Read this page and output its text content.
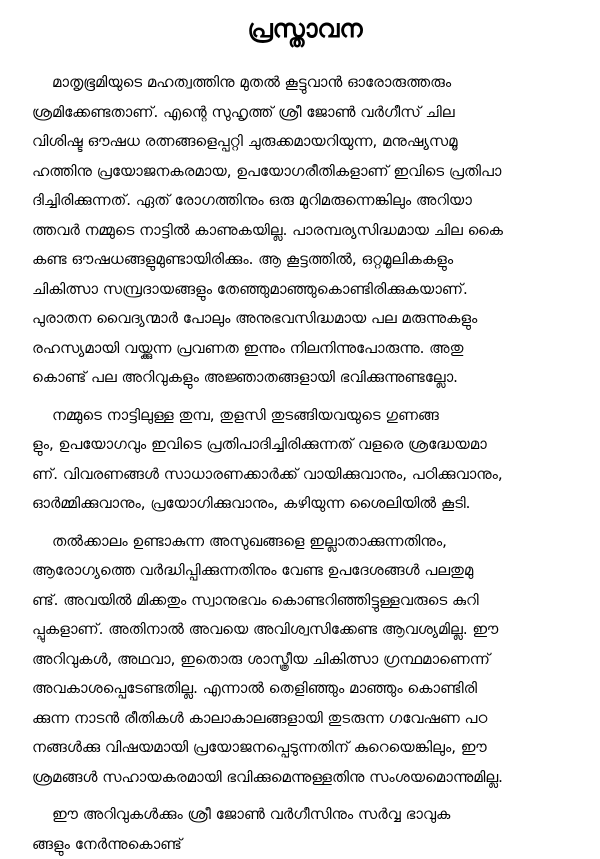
പ്രസ്താവന
മാതൃഭൂമിയുടെ മഹത്വത്തിനു മുതൽ കൂട്ടുവാൻ ഓരോരുത്തരും
ശ്രമിക്കേണ്ടതാണ്. എന്റെ സുഹൃത്ത് ശ്രീ ജോൺ വർഗീസ് ചില
വിശിഷ്ട ഔഷധ രത്നങ്ങളെപ്പറ്റി ചുരുക്കമായറിയുന്ന, മനുഷ്യസമൂ
ഹത്തിനു പ്രയോജനകരമായ, ഉപയോഗരീതികളാണ് ഇവിടെ പ്രതിപാ
ദിച്ചിരിക്കുന്നത്. ഏത് രോഗത്തിനും ഒരു മുറിമരുന്നെങ്കിലും അറിയാ
ത്തവർ നമ്മുടെ നാട്ടിൽ കാണുകയില്ല. പാരമ്പര്യസിദ്ധമായ ചില കൈ
കണ്ട ഔഷധങ്ങളുമുണ്ടായിരിക്കും. ആ കൂട്ടത്തിൽ, ഒറ്റമൂലികകളും
ചികിത്സാ സമ്പ്രദായങ്ങളും തേഞ്ഞുമാഞ്ഞുകൊണ്ടിരിക്കുകയാണ്.
പുരാതന വൈദ്യന്മാർ പോലും അനുഭവസിദ്ധമായ പല മരുന്നുകളും
രഹസ്യമായി വയ്ക്കുന്ന പ്രവണത ഇന്നും നിലനിന്നുപോരുന്നു. അതു
കൊണ്ട് പല അറിവുകളും അജ്ഞാതങ്ങളായി ഭവിക്കുന്നുണ്ടല്ലോ.
നമ്മുടെ നാട്ടിലുള്ള തുമ്പ, തുളസി തുടങ്ങിയവയുടെ ഗുണങ്ങ
ളും, ഉപയോഗവും ഇവിടെ പ്രതിപാദിച്ചിരിക്കുന്നത് വളരെ ശ്രദ്ധേയമാ
ണ്. വിവരണങ്ങൾ സാധാരണക്കാർക്ക് വായിക്കുവാനും, പഠിക്കുവാനും,
ഓർമ്മിക്കുവാനും, പ്രയോഗിക്കുവാനും, കഴിയുന്ന ശൈലിയിൽ കൂടി.
തൽക്കാലം ഉണ്ടാകുന്ന അസുഖങ്ങളെ ഇല്ലാതാക്കുന്നതിനും,
ആരോഗ്യത്തെ വർദ്ധിപ്പിക്കുന്നതിനും വേണ്ട ഉപദേശങ്ങൾ പലതുമു
ണ്ട്. അവയിൽ മിക്കതും സ്വാനുഭവം കൊണ്ടറിഞ്ഞിട്ടുള്ളവരുടെ കുറി
പ്പുകളാണ്. അതിനാൽ അവയെ അവിശ്വസിക്കേണ്ട ആവശ്യമില്ല. ഈ
അറിവുകൾ, അഥവാ, ഇതൊരു ശാസ്ത്രീയ ചികിത്സാ ഗ്രന്ഥമാണെന്ന്
അവകാശപ്പെടേണ്ടതില്ല. എന്നാൽ തെളിഞ്ഞും മാഞ്ഞും കൊണ്ടിരി
ക്കുന്ന നാടൻ രീതികൾ കാലാകാലങ്ങളായി തുടരുന്ന ഗവേഷണ പഠ
നങ്ങൾക്കു വിഷയമായി പ്രയോജനപ്പെടുന്നതിന് കുറെയെങ്കിലും, ഈ
ശ്രമങ്ങൾ സഹായകരമായി ഭവിക്കുമെന്നുള്ളതിനു സംശയമൊന്നുമില്ല.
ഈ അറിവുകൾക്കും ശ്രീ ജോൺ വർഗീസിനും സർവ്വ ഭാവുക
ങ്ങളും നേർന്നുകൊണ്ട്
